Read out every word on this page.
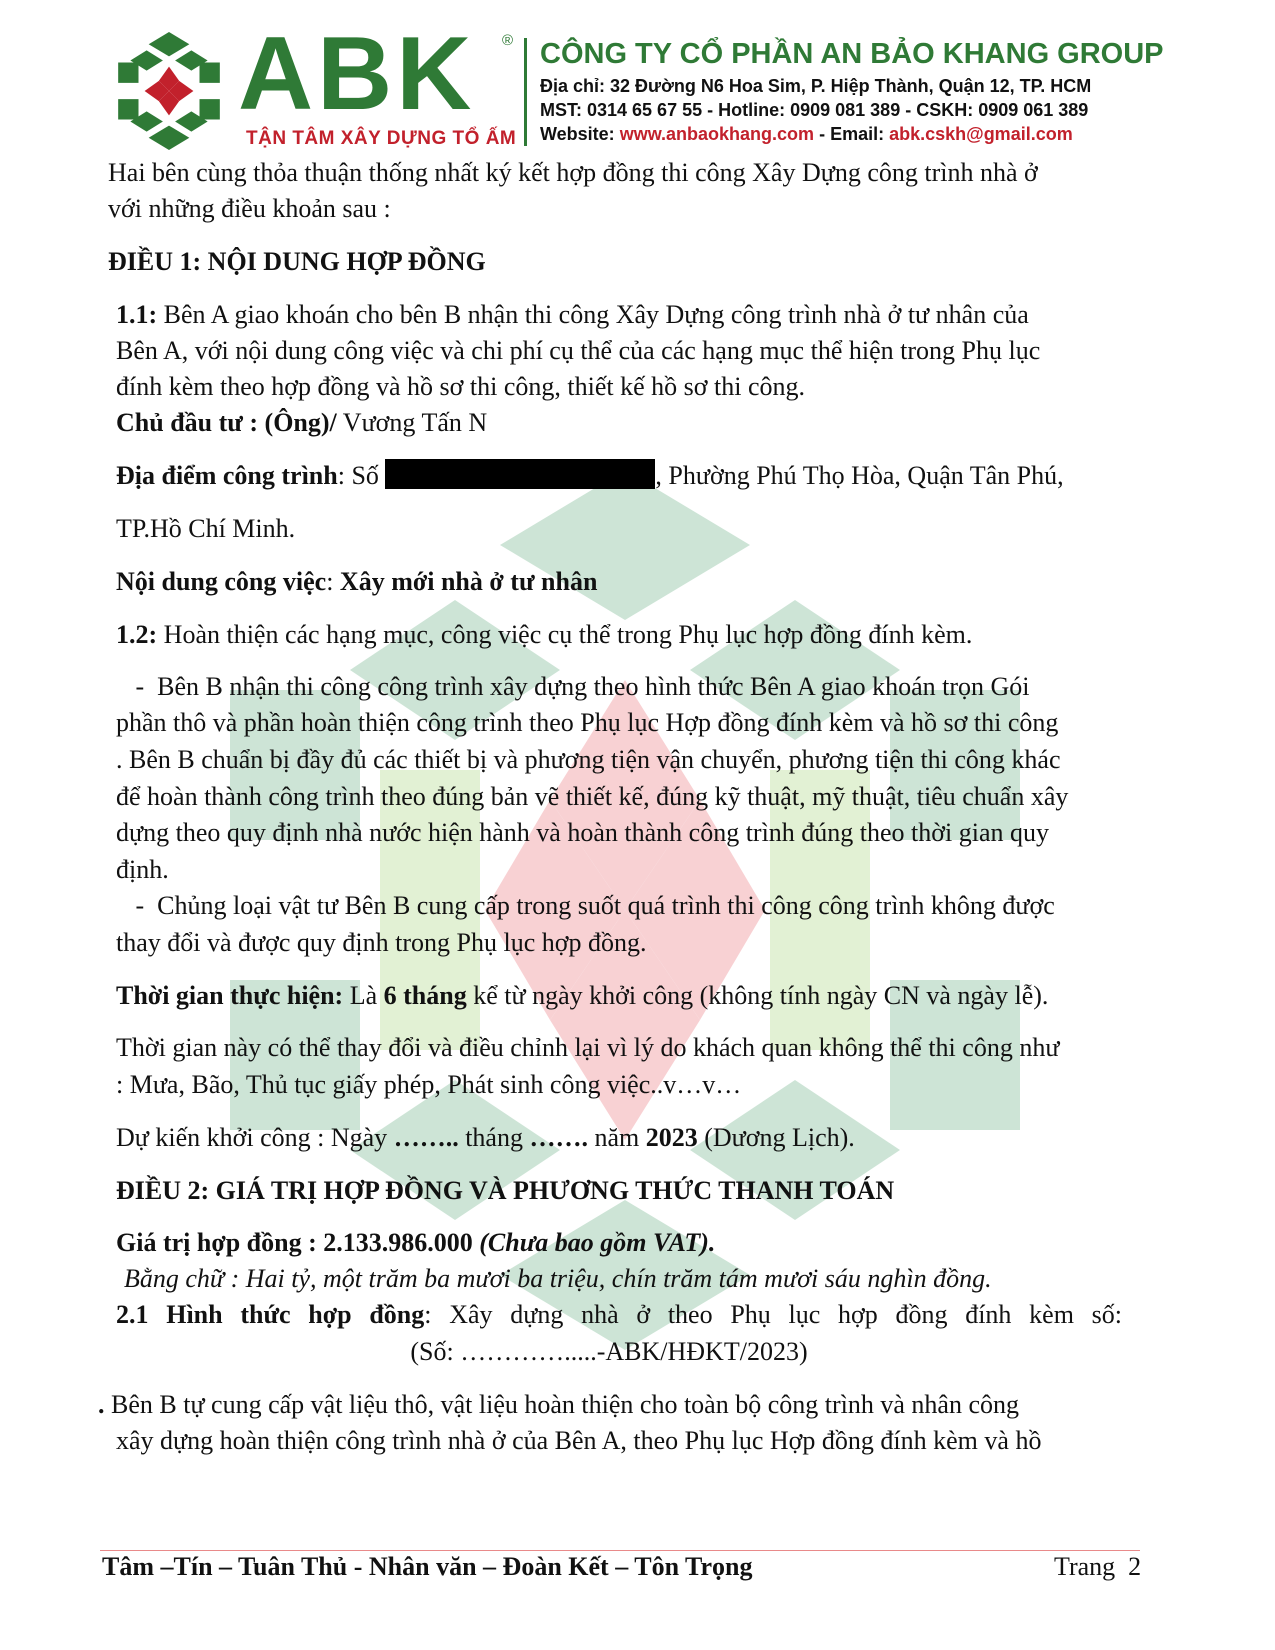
ABK ®
TẬN TÂM XÂY DỰNG TỔ ẤM
CÔNG TY CỔ PHẦN AN BẢO KHANG GROUP
Địa chỉ: 32 Đường N6 Hoa Sim, P. Hiệp Thành, Quận 12, TP. HCM
MST: 0314 65 67 55 - Hotline: 0909 081 389 - CSKH: 0909 061 389
Website: www.anbaokhang.com - Email: abk.cskh@gmail.com
Hai bên cùng thỏa thuận thống nhất ký kết hợp đồng thi công Xây Dựng công trình nhà ở
với những điều khoản sau :
ĐIỀU 1: NỘI DUNG HỢP ĐỒNG
1.1: Bên A giao khoán cho bên B nhận thi công Xây Dựng công trình nhà ở tư nhân của
Bên A, với nội dung công việc và chi phí cụ thể của các hạng mục thể hiện trong Phụ lục
đính kèm theo hợp đồng và hồ sơ thi công, thiết kế hồ sơ thi công.
Chủ đầu tư : (Ông)/ Vương Tấn N
Địa điểm công trình: Số	, Phường Phú Thọ Hòa, Quận Tân Phú,
TP.Hồ Chí Minh.
Nội dung công việc: Xây mới nhà ở tư nhân
1.2: Hoàn thiện các hạng mục, công việc cụ thể trong Phụ lục hợp đồng đính kèm.
-  Bên B nhận thi công công trình xây dựng theo hình thức Bên A giao khoán trọn Gói
phần thô và phần hoàn thiện công trình theo Phụ lục Hợp đồng đính kèm và hồ sơ thi công
. Bên B chuẩn bị đầy đủ các thiết bị và phương tiện vận chuyển, phương tiện thi công khác
để hoàn thành công trình theo đúng bản vẽ thiết kế, đúng kỹ thuật, mỹ thuật, tiêu chuẩn xây
dựng theo quy định nhà nước hiện hành và hoàn thành công trình đúng theo thời gian quy
định.
-  Chủng loại vật tư Bên B cung cấp trong suốt quá trình thi công công trình không được
thay đổi và được quy định trong Phụ lục hợp đồng.
Thời gian thực hiện: Là 6 tháng kể từ ngày khởi công (không tính ngày CN và ngày lễ).
Thời gian này có thể thay đổi và điều chỉnh lại vì lý do khách quan không thể thi công như
: Mưa, Bão, Thủ tục giấy phép, Phát sinh công việc..v…v…
Dự kiến khởi công : Ngày …….. tháng ……. năm 2023 (Dương Lịch).
ĐIỀU 2: GIÁ TRỊ HỢP ĐỒNG VÀ PHƯƠNG THỨC THANH TOÁN
Giá trị hợp đồng : 2.133.986.000 (Chưa bao gồm VAT).
Bằng chữ : Hai tỷ, một trăm ba mươi ba triệu, chín trăm tám mươi sáu nghìn đồng.
2.1 Hình thức hợp đồng: Xây dựng nhà ở theo Phụ lục hợp đồng đính kèm số:
(Số: ………….....-ABK/HĐKT/2023)
. Bên B tự cung cấp vật liệu thô, vật liệu hoàn thiện cho toàn bộ công trình và nhân công
xây dựng hoàn thiện công trình nhà ở của Bên A, theo Phụ lục Hợp đồng đính kèm và hồ
Tâm –Tín – Tuân Thủ - Nhân văn – Đoàn Kết – Tôn Trọng	Trang  2
